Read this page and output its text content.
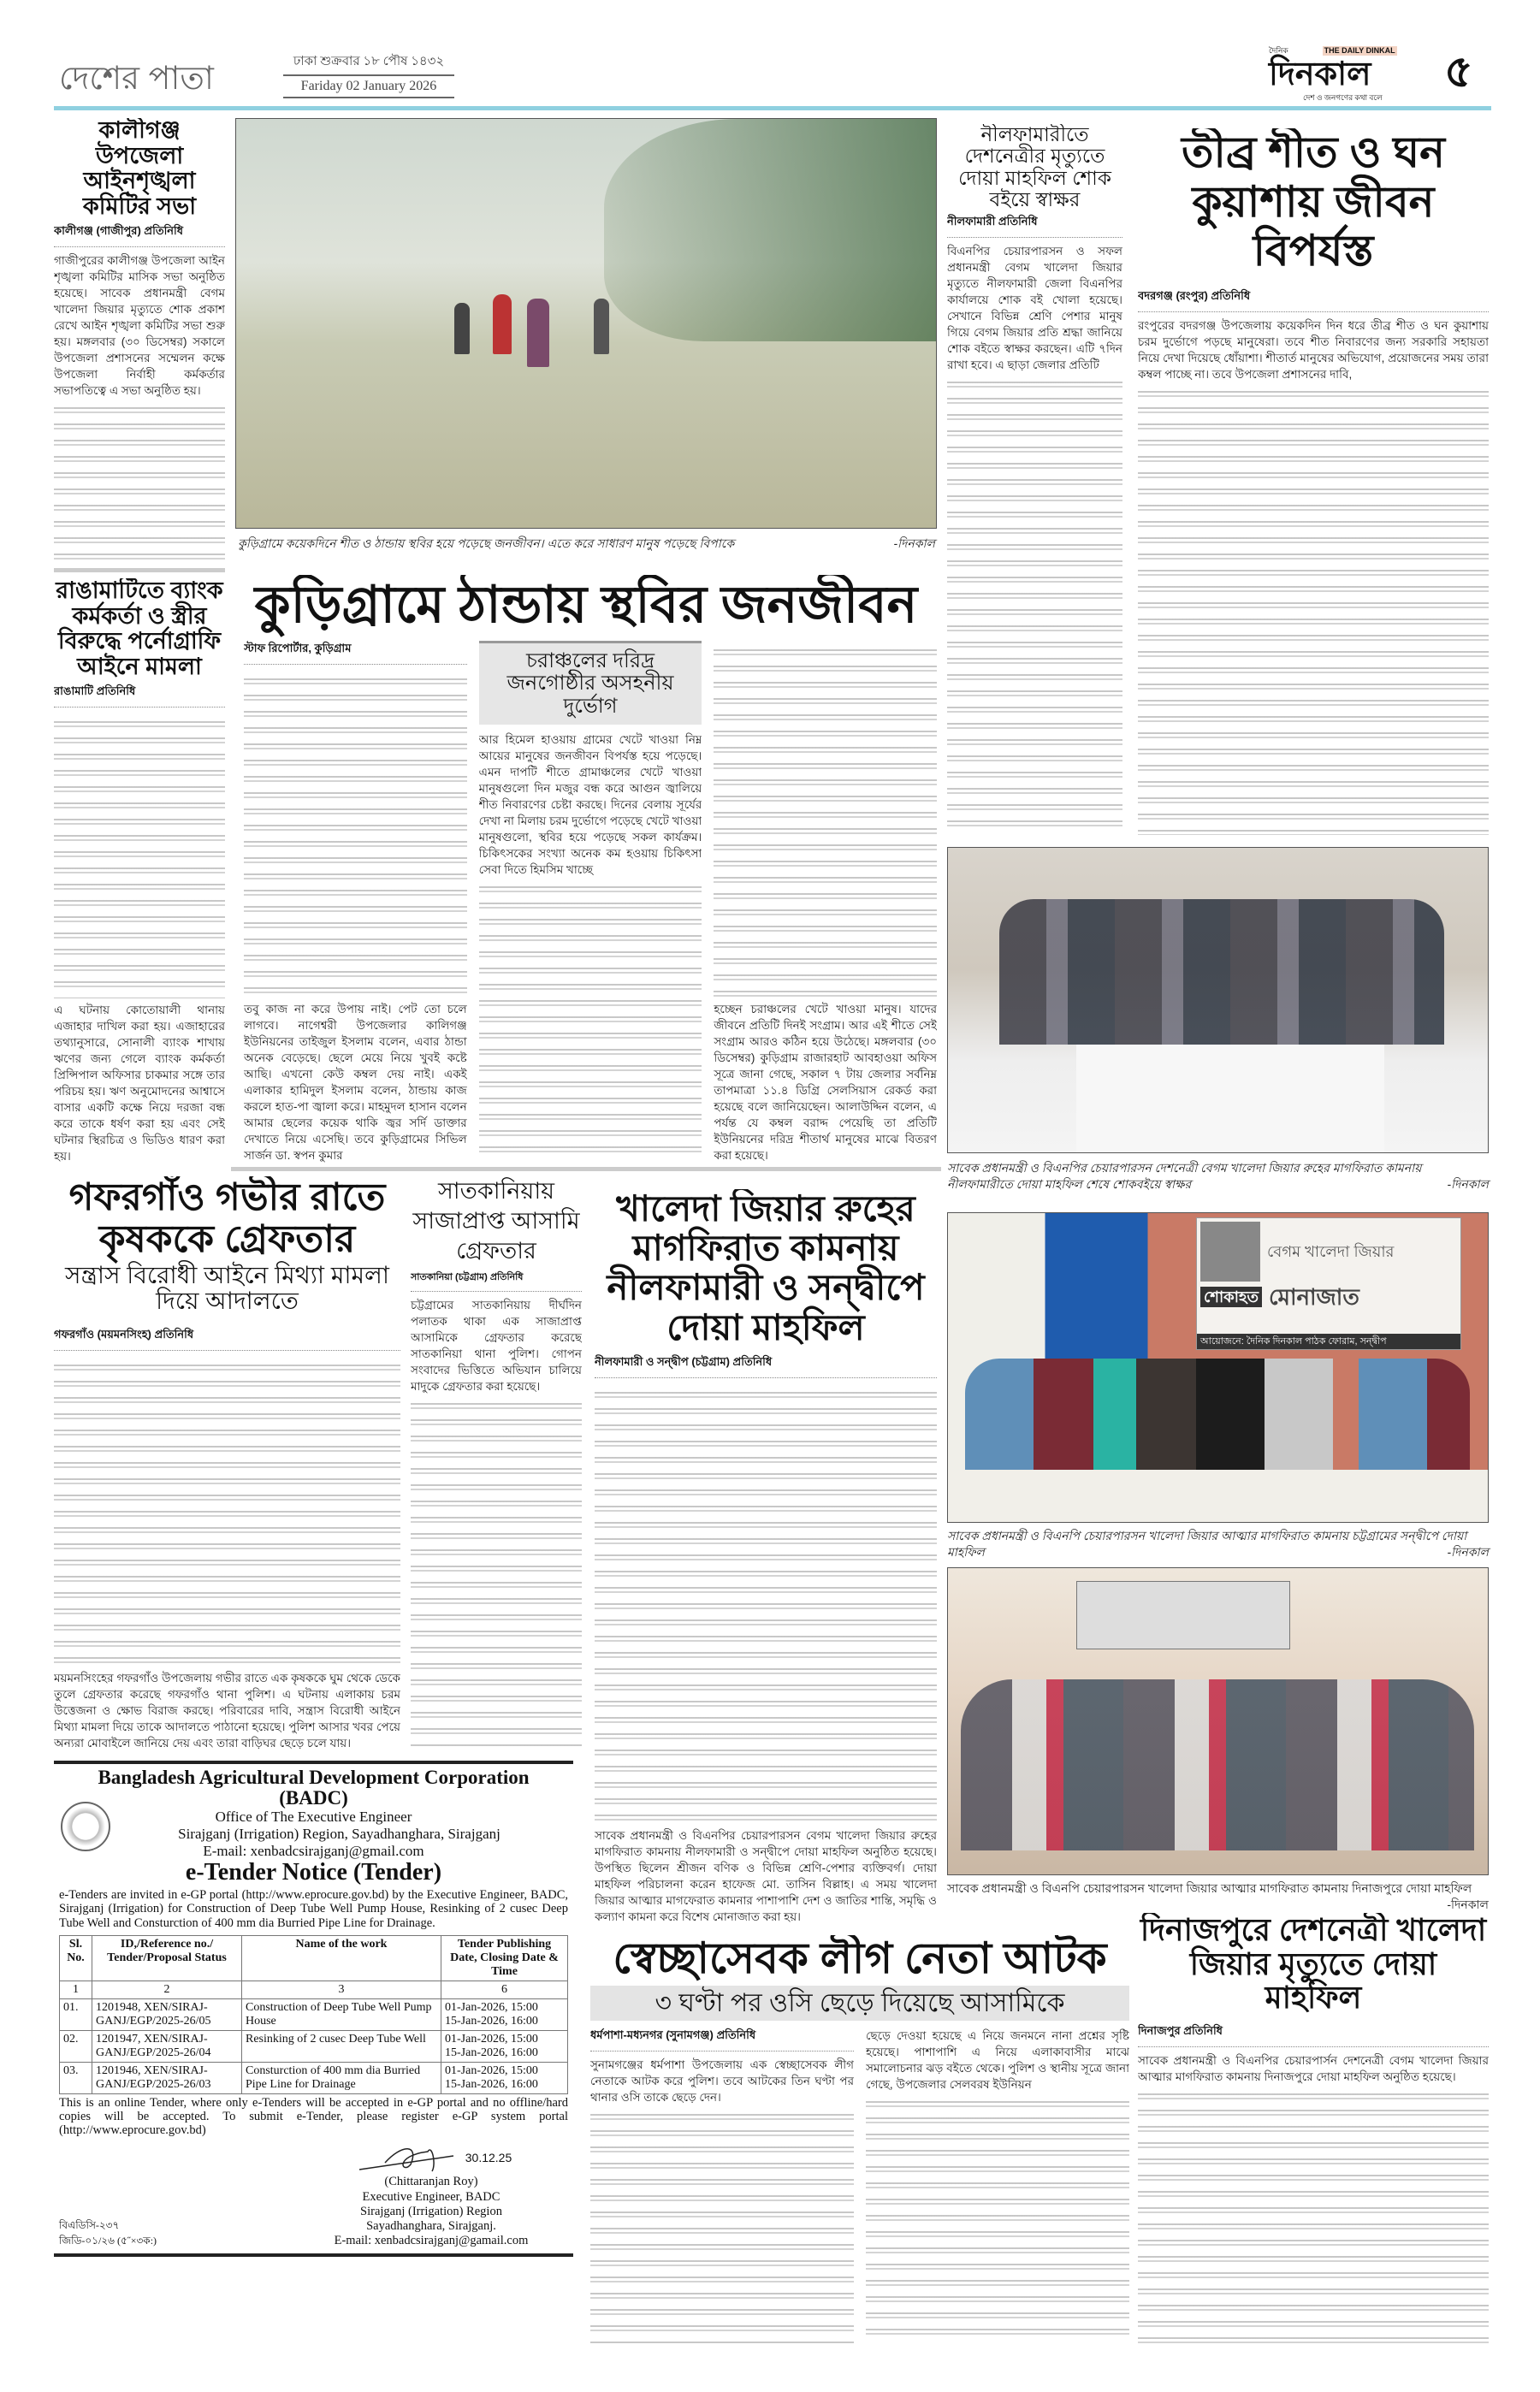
দেশের পাতা	ঢাকা শুক্রবার ১৮ পৌষ ১৪৩২
Fariday 02 January 2026
দৈনিক	THE DAILY DINKAL
দিনকাল
দেশ ও জনগণের কথা বলে
৫
কালীগঞ্জ উপজেলা আইনশৃঙ্খলা কমিটির সভা
কালীগঞ্জ (গাজীপুর) প্রতিনিধি
গাজীপুরের কালীগঞ্জ উপজেলা আইন শৃঙ্খলা কমিটির মাসিক সভা অনুষ্ঠিত হয়েছে। সাবেক প্রধানমন্ত্রী বেগম খালেদা জিয়ার মৃত্যুতে শোক প্রকাশ রেখে আইন শৃঙ্খলা কমিটির সভা শুরু হয়। মঙ্গলবার (৩০ ডিসেম্বর) সকালে উপজেলা প্রশাসনের সম্মেলন কক্ষে উপজেলা নির্বাহী কর্মকর্তার সভাপতিত্বে এ সভা অনুষ্ঠিত হয়।
রাঙামাটিতে ব্যাংক কর্মকর্তা ও স্ত্রীর বিরুদ্ধে পর্নোগ্রাফি আইনে মামলা
রাঙামাটি প্রতিনিধি
এ ঘটনায় কোতোয়ালী থানায় এজাহার দাখিল করা হয়। এজাহারের তথ্যানুসারে, সোনালী ব্যাংক শাখায় ঋণের জন্য গেলে ব্যাংক কর্মকর্তা প্রিন্সিপাল অফিসার চাকমার সঙ্গে তার পরিচয় হয়। ঋণ অনুমোদনের আশ্বাসে বাসার একটি কক্ষে নিয়ে দরজা বন্ধ করে তাকে ধর্ষণ করা হয় এবং সেই ঘটনার স্থিরচিত্র ও ভিডিও ধারণ করা হয়।
কুড়িগ্রামে কয়েকদিনে শীত ও ঠান্ডায় স্থবির হয়ে পড়েছে জনজীবন। এতে করে সাধারণ মানুষ পড়েছে বিপাকে	-দিনকাল
কুড়িগ্রামে ঠান্ডায় স্থবির জনজীবন
স্টাফ রিপোর্টার, কুড়িগ্রাম
তবু কাজ না করে উপায় নাই। পেট তো চলে লাগবে। নাগেশ্বরী উপজেলার কালিগঞ্জ ইউনিয়নের তাইজুল ইসলাম বলেন, এবার ঠান্ডা অনেক বেড়েছে। ছেলে মেয়ে নিয়ে খুবই কষ্টে আছি। এখনো কেউ কম্বল দেয় নাই। একই এলাকার হামিদুল ইসলাম বলেন, ঠান্ডায় কাজ করলে হাত-পা জ্বালা করে। মাহমুদল হাসান বলেন আমার ছেলের কয়েক থাকি জ্বর সর্দি ডাক্তার দেখাতে নিয়ে এসেছি। তবে কুড়িগ্রামের সিভিল সার্জন ডা. স্বপন কুমার
চরাঞ্চলের দরিদ্র জনগোষ্ঠীর অসহনীয় দুর্ভোগ
আর হিমেল হাওয়ায় গ্রামের খেটে খাওয়া নিম্ন আয়ের মানুষের জনজীবন বিপর্যস্ত হয়ে পড়েছে। এমন দাপটি শীতে গ্রামাঞ্চলের খেটে খাওয়া মানুষগুলো দিন মজুর বন্ধ করে আগুন জ্বালিয়ে শীত নিবারণের চেষ্টা করছে। দিনের বেলায় সূর্যের দেখা না মিলায় চরম দুর্ভোগে পড়েছে খেটে খাওয়া মানুষগুলো, স্থবির হয়ে পড়েছে সকল কার্যক্রম। চিকিৎসকের সংখ্যা অনেক কম হওয়ায় চিকিৎসা সেবা দিতে হিমসিম খাচ্ছে
হচ্ছেন চরাঞ্চলের খেটে খাওয়া মানুষ। যাদের জীবনে প্রতিটি দিনই সংগ্রাম। আর এই শীতে সেই সংগ্রাম আরও কঠিন হয়ে উঠেছে। মঙ্গলবার (৩০ ডিসেম্বর) কুড়িগ্রাম রাজারহাট আবহাওয়া অফিস সূত্রে জানা গেছে, সকাল ৭ টায় জেলার সর্বনিম্ন তাপমাত্রা ১১.৪ ডিগ্রি সেলসিয়াস রেকর্ড করা হয়েছে বলে জানিয়েছেন। আলাউদ্দিন বলেন, এ পর্যন্ত যে কম্বল বরাদ্দ পেয়েছি তা প্রতিটি ইউনিয়নের দরিদ্র শীতার্থ মানুষের মাঝে বিতরণ করা হয়েছে।
নীলফামারীতে দেশনেত্রীর মৃত্যুতে দোয়া মাহফিল শোক বইয়ে স্বাক্ষর
নীলফামারী প্রতিনিধি
বিএনপির চেয়ারপারসন ও সফল প্রধানমন্ত্রী বেগম খালেদা জিয়ার মৃত্যুতে নীলফামারী জেলা বিএনপির কার্যালয়ে শোক বই খোলা হয়েছে। সেখানে বিভিন্ন শ্রেণি পেশার মানুষ গিয়ে বেগম জিয়ার প্রতি শ্রদ্ধা জানিয়ে শোক বইতে স্বাক্ষর করছেন। এটি ৭দিন রাখা হবে। এ ছাড়া জেলার প্রতিটি
তীব্র শীত ও ঘন কুয়াশায় জীবন বিপর্যস্ত
বদরগঞ্জ (রংপুর) প্রতিনিধি
রংপুরের বদরগঞ্জ উপজেলায় কয়েকদিন দিন ধরে তীব্র শীত ও ঘন কুয়াশায় চরম দুর্ভোগে পড়ছে মানুষেরা। তবে শীত নিবারণের জন্য সরকারি সহায়তা নিয়ে দেখা দিয়েছে ধোঁয়াশা। শীতার্ত মানুষের অভিযোগ, প্রয়োজনের সময় তারা কম্বল পাচ্ছে না। তবে উপজেলা প্রশাসনের দাবি,
সাবেক প্রধানমন্ত্রী ও বিএনপির চেয়ারপারসন দেশনেত্রী বেগম খালেদা জিয়ার রুহের মাগফিরাত কামনায় নীলফামারীতে দোয়া মাহফিল শেষে শোকবইয়ে স্বাক্ষর	-দিনকাল
বেগম খালেদা জিয়ার
শোকাহত মোনাজাত
আয়োজনে: দৈনিক দিনকাল পাঠক ফোরাম, সন্দ্বীপ
সাবেক প্রধানমন্ত্রী ও বিএনপি চেয়ারপারসন খালেদা জিয়ার আত্মার মাগফিরাত কামনায় চট্টগ্রামের সন্দ্বীপে দোয়া মাহফিল	-দিনকাল
সাবেক প্রধানমন্ত্রী ও বিএনপি চেয়ারপারসন খালেদা জিয়ার আত্মার মাগফিরাত কামনায় দিনাজপুরে দোয়া মাহফিল
-দিনকাল
গফরগাঁও গভীর রাতে কৃষককে গ্রেফতার
সন্ত্রাস বিরোধী আইনে মিথ্যা মামলা দিয়ে আদালতে
গফরগাঁও (ময়মনসিংহ) প্রতিনিধি
ময়মনসিংহের গফরগাঁও উপজেলায় গভীর রাতে এক কৃষককে ঘুম থেকে ডেকে তুলে গ্রেফতার করেছে গফরগাঁও থানা পুলিশ। এ ঘটনায় এলাকায় চরম উত্তেজনা ও ক্ষোভ বিরাজ করছে। পরিবারের দাবি, সন্ত্রাস বিরোধী আইনে মিথ্যা মামলা দিয়ে তাকে আদালতে পাঠানো হয়েছে। পুলিশ আসার খবর পেয়ে অন্যরা মোবাইলে জানিয়ে দেয় এবং তারা বাড়িঘর ছেড়ে চলে যায়।
সাতকানিয়ায় সাজাপ্রাপ্ত আসামি গ্রেফতার
সাতকানিয়া (চট্টগ্রাম) প্রতিনিধি
চট্টগ্রামের সাতকানিয়ায় দীর্ঘদিন পলাতক থাকা এক সাজাপ্রাপ্ত আসামিকে গ্রেফতার করেছে সাতকানিয়া থানা পুলিশ। গোপন সংবাদের ভিত্তিতে অভিযান চালিয়ে মাদুকে গ্রেফতার করা হয়েছে।
খালেদা জিয়ার রুহের মাগফিরাত কামনায় নীলফামারী ও সন্দ্বীপে দোয়া মাহফিল
নীলফামারী ও সন্দ্বীপ (চট্টগ্রাম) প্রতিনিধি
সাবেক প্রধানমন্ত্রী ও বিএনপির চেয়ারপারসন বেগম খালেদা জিয়ার রুহের মাগফিরাত কামনায় নীলফামারী ও সন্দ্বীপে দোয়া মাহফিল অনুষ্ঠিত হয়েছে। উপস্থিত ছিলেন শ্রীজন বণিক ও বিভিন্ন শ্রেণি-পেশার ব্যক্তিবর্গ। দোয়া মাহফিল পরিচালনা করেন হাফেজ মো. তাসিন বিল্লাহ। এ সময় খালেদা জিয়ার আত্মার মাগফেরাত কামনার পাশাপাশি দেশ ও জাতির শান্তি, সমৃদ্ধি ও কল্যাণ কামনা করে বিশেষ মোনাজাত করা হয়।
Bangladesh Agricultural Development Corporation
(BADC)
Office of The Executive Engineer
Sirajganj (Irrigation) Region, Sayadhanghara, Sirajganj
E-mail: xenbadcsirajganj@gmail.com
e-Tender Notice (Tender)
e-Tenders are invited in e-GP portal (http://www.eprocure.gov.bd) by the Executive Engineer, BADC, Sirajganj (Irrigation) for Construction of Deep Tube Well Pump House, Resinking of 2 cusec Deep Tube Well and Consturction of 400 mm dia Burried Pipe Line for Drainage.
Sl. No.	ID,/Reference no./ Tender/Proposal Status	Name of the work	Tender Publishing Date, Closing Date & Time
1	2	3	6
01.	1201948, XEN/SIRAJ-GANJ/EGP/2025-26/05	Construction of Deep Tube Well Pump House	01-Jan-2026, 15:00
15-Jan-2026, 16:00

02.	1201947, XEN/SIRAJ-GANJ/EGP/2025-26/04	Resinking of 2 cusec Deep Tube Well	01-Jan-2026, 15:00
15-Jan-2026, 16:00

03.	1201946, XEN/SIRAJ-GANJ/EGP/2025-26/03	Consturction of 400 mm dia Burried Pipe Line for Drainage	01-Jan-2026, 15:00
15-Jan-2026, 16:00
This is an online Tender, where only e-Tenders will be accepted in e-GP portal and no offline/hard copies will be accepted. To submit e-Tender, please register e-GP system portal (http://www.eprocure.gov.bd)
বিএডিসি-২৩৭
জিডি-০১/২৬ (৫˝×৩ক:)
30.12.25
(Chittaranjan Roy)
Executive Engineer, BADC
Sirajganj (Irrigation) Region
Sayadhanghara, Sirajganj.
E-mail: xenbadcsirajganj@gamail.com
স্বেচ্ছাসেবক লীগ নেতা আটক
৩ ঘণ্টা পর ওসি ছেড়ে দিয়েছে আসামিকে
ধর্মপাশা-মধ্যনগর (সুনামগঞ্জ) প্রতিনিধি
সুনামগঞ্জের ধর্মপাশা উপজেলায় এক স্বেচ্ছাসেবক লীগ নেতাকে আটক করে পুলিশ। তবে আটকের তিন ঘণ্টা পর থানার ওসি তাকে ছেড়ে দেন।
ছেড়ে দেওয়া হয়েছে এ নিয়ে জনমনে নানা প্রশ্নের সৃষ্টি হয়েছে। পাশাপাশি এ নিয়ে এলাকাবাসীর মাঝে সমালোচনার ঝড় বইতে থেকে। পুলিশ ও স্থানীয় সূত্রে জানা গেছে, উপজেলার সেলবরষ ইউনিয়ন
দিনাজপুরে দেশনেত্রী খালেদা জিয়ার মৃত্যুতে দোয়া মাহফিল
দিনাজপুর প্রতিনিধি
সাবেক প্রধানমন্ত্রী ও বিএনপির চেয়ারপার্সন দেশনেত্রী বেগম খালেদা জিয়ার আত্মার মাগফিরাত কামনায় দিনাজপুরে দোয়া মাহফিল অনুষ্ঠিত হয়েছে।
